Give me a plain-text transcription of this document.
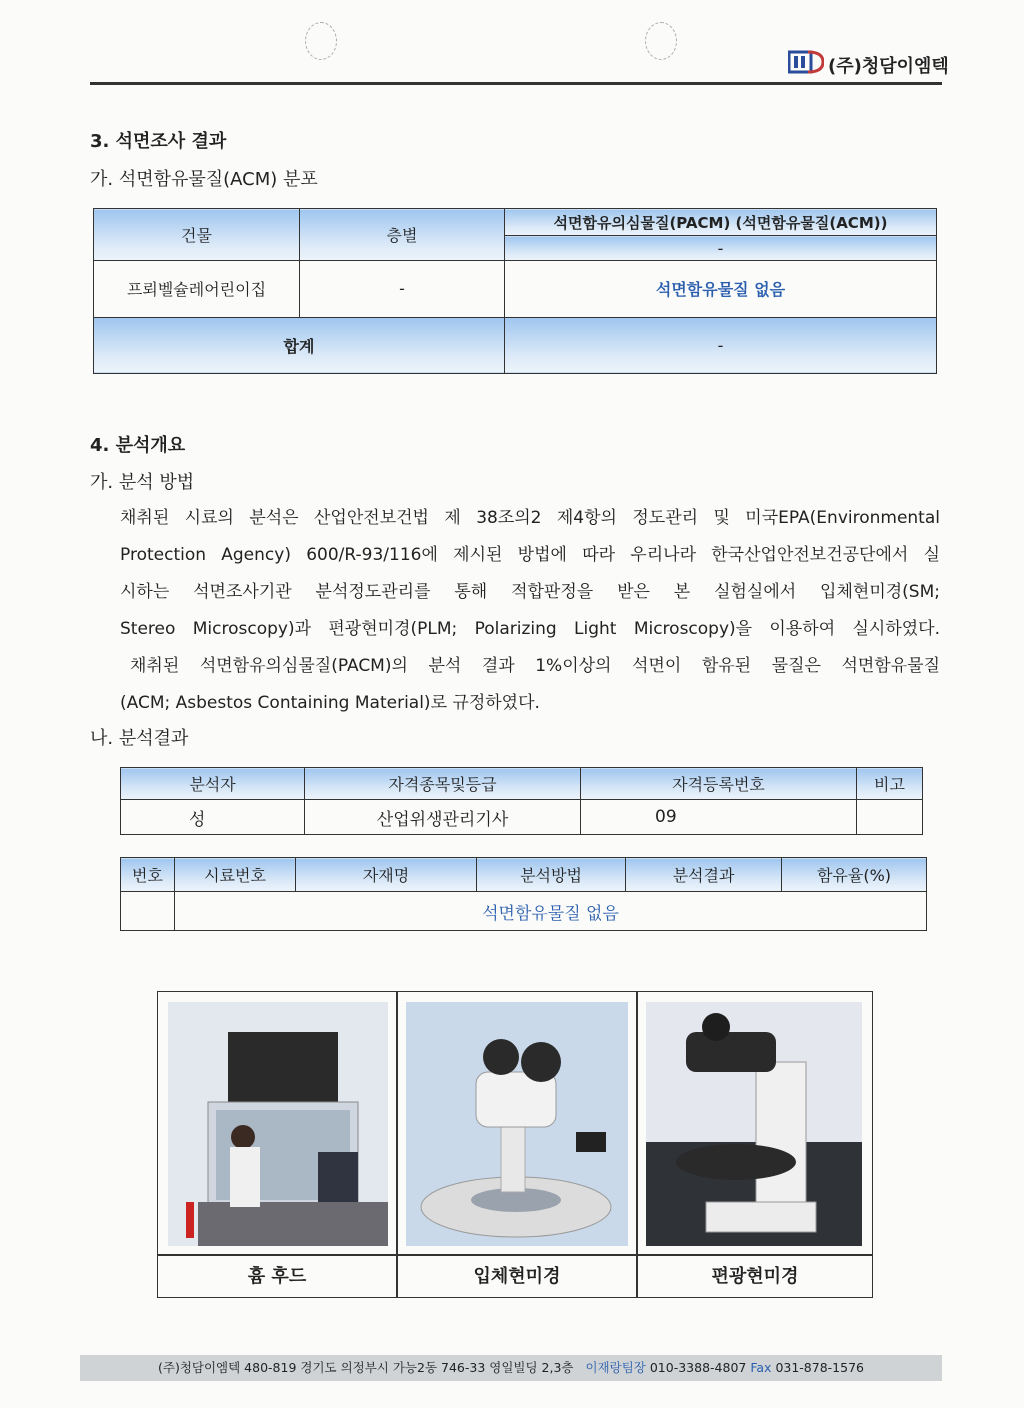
(주)청담이엠텍
3. 석면조사 결과
가. 석면함유물질(ACM) 분포
건물	층별	석면함유의심물질(PACM) (석면함유물질(ACM))
		-
프뢰벨슐레어린이집	-	석면함유물질 없음
합계		-
4. 분석개요
가. 분석 방법
채취된 시료의 분석은 산업안전보건법 제 38조의2 제4항의 정도관리 및 미국EPA(Environmental
Protection Agency) 600/R-93/116에 제시된 방법에 따라 우리나라 한국산업안전보건공단에서 실
시하는 석면조사기관 분석정도관리를 통해 적합판정을 받은 본 실험실에서 입체현미경(SM;
Stereo Microscopy)과 편광현미경(PLM; Polarizing Light Microscopy)을 이용하여 실시하였다.
채취된 석면함유의심물질(PACM)의 분석 결과 1%이상의 석면이 함유된 물질은 석면함유물질
(ACM; Asbestos Containing Material)로 규정하였다.
나. 분석결과
분석자	자격종목및등급	자격등록번호	비고
성	산업위생관리기사	09	
번호	시료번호	자재명	분석방법	분석결과	함유율(%)
	석면함유물질 없음				
흄 후드	입체현미경	편광현미경
(주)청담이엠텍 480-819 경기도 의정부시 가능2동 746-33 영일빌딩 2,3층 이재랑팀장 010-3388-4807 Fax 031-878-1576
